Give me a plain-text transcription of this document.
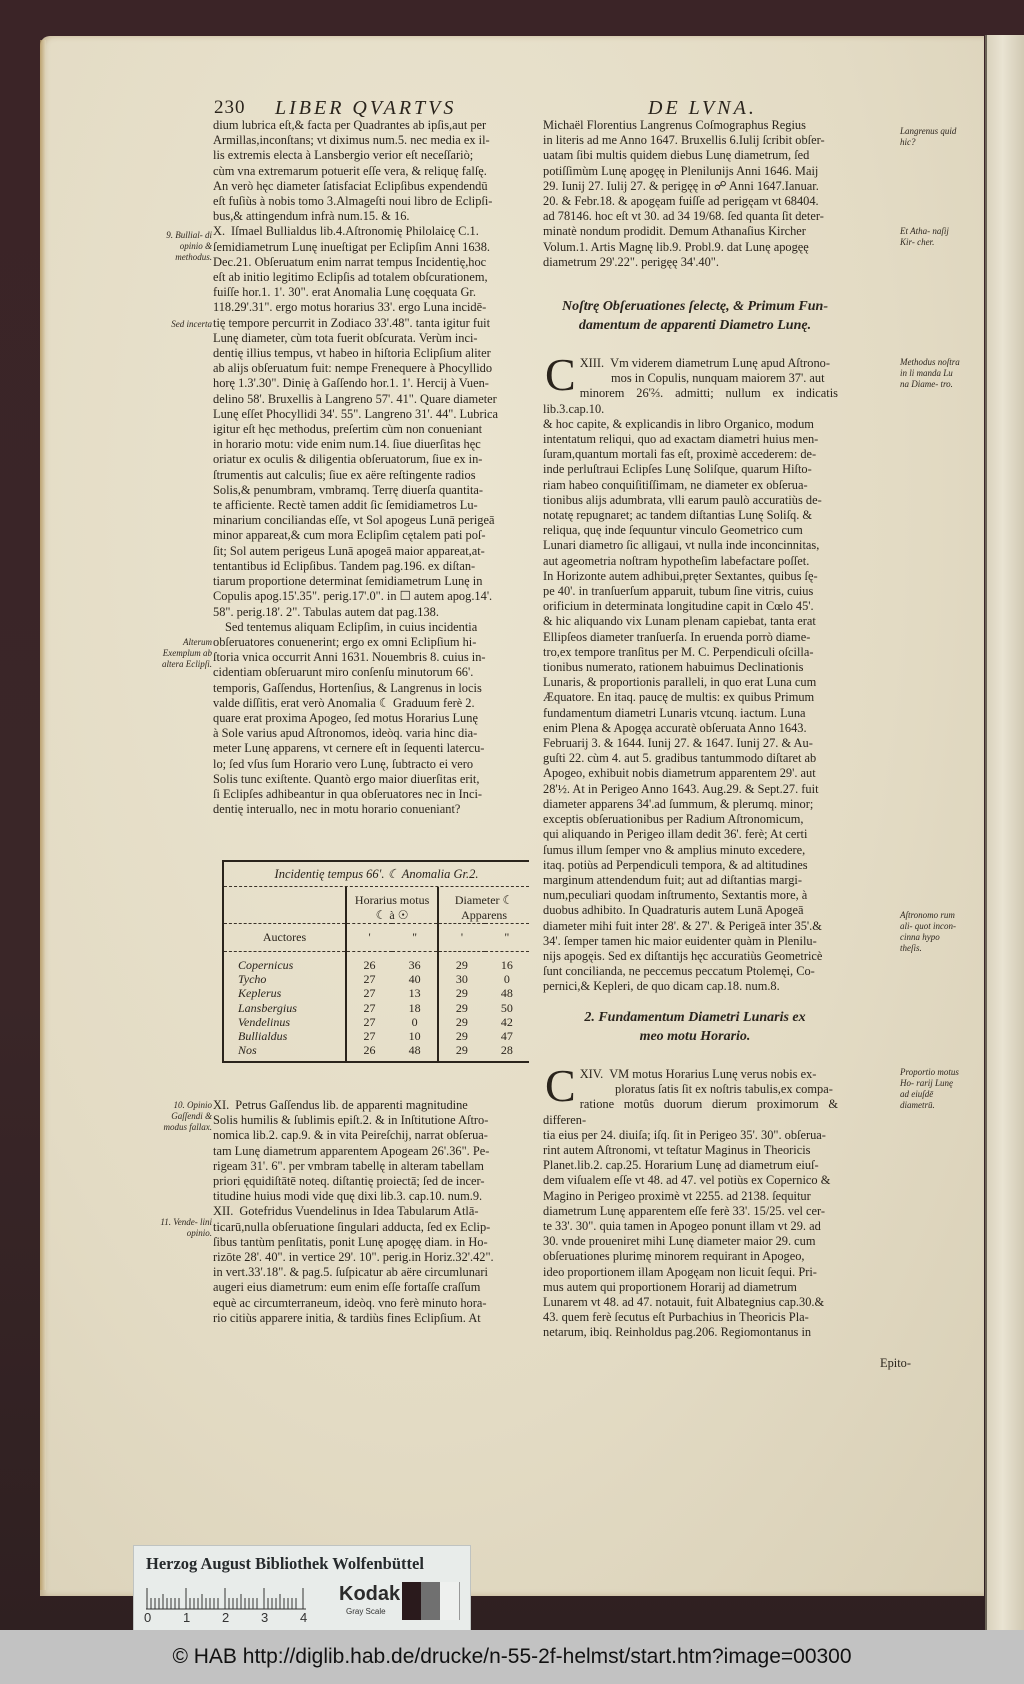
230 LIBER QVARTVS	DE LVNA.

dium lubrica eſt,& facta per Quadrantes ab ipſis,aut per

Armillas,inconſtans; vt diximus num.5. nec media ex il-

lis extremis electa à Lansbergio verior eſt neceſſariò;

cùm vna extremarum potuerit eſſe vera, & reliquę falſę.

An verò hęc diameter ſatisfaciat Eclipſibus expendendū

eſt fuſiùs à nobis tomo 3.Almageſti noui libro de Eclipſi-

bus,& attingendum infrà num.15. & 16.

X. Iſmael Bullialdus lib.4.Aſtronomię Philolaicę C.1.

ſemidiametrum Lunę inueſtigat per Eclipſim Anni 1638.

Dec.21. Obſeruatum enim narrat tempus Incidentię,hoc

eſt ab initio legitimo Eclipſis ad totalem obſcurationem,

fuiſſe hor.1. 1'. 30". erat Anomalia Lunę coęquata Gr.

118.29'.31". ergo motus horarius 33'. ergo Luna incidē-

tię tempore percurrit in Zodiaco 33'.48". tanta igitur fuit

Lunę diameter, cùm tota fuerit obſcurata. Verùm inci-

dentię illius tempus, vt habeo in hiſtoria Eclipſium aliter

ab alijs obſeruatum fuit: nempe Frenequere à Phocyllido

horę 1.3'.30". Dinię à Gaſſendo hor.1. 1'. Hercij à Vuen-

delino 58'. Bruxellis à Langreno 57'. 41". Quare diameter

Lunę eſſet Phocyllidi 34'. 55". Langreno 31'. 44". Lubrica

igitur eſt hęc methodus, preſertim cùm non conueniant

in horario motu: vide enim num.14. ſiue diuerſitas hęc

oriatur ex oculis & diligentia obſeruatorum, ſiue ex in-

ſtrumentis aut calculis; ſiue ex aëre reſtingente radios

Solis,& penumbram, vmbramq. Terrę diuerſa quantita-

te afficiente. Rectè tamen addit ſic ſemidiametros Lu-

minarium conciliandas eſſe, vt Sol apogeus Lunā perigeā

minor appareat,& cum mora Eclipſim cętalem pati poſ-

ſit; Sol autem perigeus Lunā apogeā maior appareat,at-

tentantibus id Eclipſibus. Tandem pag.196. ex diſtan-

tiarum proportione determinat ſemidiametrum Lunę in

Copulis apog.15'.35". perig.17'.0". in ☐ autem apog.14'.

58". perig.18'. 2". Tabulas autem dat pag.138.

Sed tentemus aliquam Eclipſim, in cuius incidentia

obſeruatores conuenerint; ergo ex omni Eclipſium hi-

ſtoria vnica occurrit Anni 1631. Nouembris 8. cuius in-

cidentiam obſeruarunt miro conſenſu minutorum 66'.

temporis, Gaſſendus, Hortenſius, & Langrenus in locis

valde diſſitis, erat verò Anomalia ☾ Graduum ferè 2.

quare erat proxima Apogeo, ſed motus Horarius Lunę

à Sole varius apud Aſtronomos, ideòq. varia hinc dia-

meter Lunę apparens, vt cernere eſt in ſequenti latercu-

lo; ſed vſus ſum Horario vero Lunę, ſubtracto ei vero

Solis tunc exiſtente. Quantò ergo maior diuerſitas erit,

ſi Eclipſes adhibeantur in qua obſeruatores nec in Inci-

dentię interuallo, nec in motu horario conueniant?

Incidentię tempus 66'. ☾ Anomalia Gr.2.
	Horarius motus ☾ à ☉		Diameter ☾ Apparens	
Auctores	'	''	'	''
Copernicus	26	36	29	16
Tycho	27	40	30	0
Keplerus	27	13	29	48
Lansbergius	27	18	29	50
Vendelinus	27	0	29	42
Bullialdus	27	10	29	47
Nos	26	48	29	28

XI. Petrus Gaſſendus lib. de apparenti magnitudine

Solis humilis & ſublimis epiſt.2. & in Inſtitutione Aſtro-

nomica lib.2. cap.9. & in vita Peireſchij, narrat obſerua-

tam Lunę diametrum apparentem Apogeam 26'.36". Pe-

rigeam 31'. 6". per vmbram tabellę in alteram tabellam

priori ęquidiſtātē noteq. diſtantię proiectā; ſed de incer-

titudine huius modi vide quę dixi lib.3. cap.10. num.9.

XII. Gotefridus Vuendelinus in Idea Tabularum Atlā-

ticarū,nulla obſeruatione ſingulari adducta, ſed ex Eclip-

ſibus tantùm penſitatis, ponit Lunę apogęę diam. in Ho-

rizōte 28'. 40". in vertice 29'. 10". perig.in Horiz.32'.42".

in vert.33'.18". & pag.5. ſuſpicatur ab aëre circumlunari

augeri eius diametrum: eum enim eſſe fortaſſe craſſum

equè ac circumterraneum, ideòq. vno ferè minuto hora-

rio citiùs apparere initia, & tardiùs fines Eclipſium. At

9. Bullial- di opinio & methodus.
Sed incerta
Alterum Exemplum ab altera Eclipſi.
10. Opinio Gaſſendi & modus fallax.
11. Vende- lini opinio.

Michaël Florentius Langrenus Coſmographus Regius

in literis ad me Anno 1647. Bruxellis 6.Iulij ſcribit obſer-

uatam ſibi multis quidem diebus Lunę diametrum, ſed

potiſſimùm Lunę apogęę in Plenilunijs Anni 1646. Maij

29. Iunij 27. Iulij 27. & perigęę in ☍ Anni 1647.Ianuar.

20. & Febr.18. & apogęam fuiſſe ad perigęam vt 68404.

ad 78146. hoc eſt vt 30. ad 34 19/68. ſed quanta ſit deter-

minatè nondum prodidit. Demum Athanaſius Kircher

Volum.1. Artis Magnę lib.9. Probl.9. dat Lunę apogęę

diametrum 29'.22". perigęę 34'.40".

Noſtrę Obſeruationes ſelectę, & Primum Fun-
damentum de apparenti Diametro Lunę.

XIII.
C	Vm viderem diametrum Lunę apud Aſtrono-

mos in Copulis, nunquam maiorem 37'. aut

minorem 26'⅔. admitti; nullum ex indicatis lib.3.cap.10.

& hoc capite, & explicandis in libro Organico, modum

intentatum reliqui, quo ad exactam diametri huius men-

ſuram,quantum mortali fas eſt, proximè accederem: de-

inde perluſtraui Eclipſes Lunę Soliſque, quarum Hiſto-

riam habeo conquiſitiſſimam, ne diameter ex obſerua-

tionibus alijs adumbrata, vlli earum paulò accuratiùs de-

notatę repugnaret; ac tandem diſtantias Lunę Soliſq. &

reliqua, quę inde ſequuntur vinculo Geometrico cum

Lunari diametro ſic alligaui, vt nulla inde inconcinnitas,

aut ageometria noſtram hypotheſim labefactare poſſet.

In Horizonte autem adhibui,pręter Sextantes, quibus ſę-

pe 40'. in tranſuerſum apparuit, tubum ſine vitris, cuius

orificium in determinata longitudine capit in Cœlo 45'.

& hic aliquando vix Lunam plenam capiebat, tanta erat

Ellipſeos diameter tranſuerſa. In eruenda porrò diame-

tro,ex tempore tranſitus per M. C. Perpendiculi oſcilla-

tionibus numerato, rationem habuimus Declinationis

Lunaris, & proportionis paralleli, in quo erat Luna cum

Æquatore. En itaq. paucę de multis: ex quibus Primum

fundamentum diametri Lunaris vtcunq. iactum. Luna

enim Plena & Apogęa accuratè obſeruata Anno 1643.

Februarij 3. & 1644. Iunij 27. & 1647. Iunij 27. & Au-

guſti 22. cùm 4. aut 5. gradibus tantummodo diſtaret ab

Apogeo, exhibuit nobis diametrum apparentem 29'. aut

28'½. At in Perigeo Anno 1643. Aug.29. & Sept.27. fuit

diameter apparens 34'.ad ſummum, & plerumq. minor;

exceptis obſeruationibus per Radium Aſtronomicum,

qui aliquando in Perigeo illam dedit 36'. ferè; At certi

ſumus illum ſemper vno & amplius minuto excedere,

itaq. potiùs ad Perpendiculi tempora, & ad altitudines

marginum attendendum fuit; aut ad diſtantias margi-

num,peculiari quodam inſtrumento, Sextantis more, à

duobus adhibito. In Quadraturis autem Lunā Apogeā

diameter mihi fuit inter 28'. & 27'. & Perigeā inter 35'.&

34'. ſemper tamen hic maior euidenter quàm in Plenilu-

nijs apogęis. Sed ex diſtantijs hęc accuratiùs Geometricè

ſunt concilianda, ne peccemus peccatum Ptolemęi, Co-

pernici,& Kepleri, de quo dicam cap.18. num.8.

2. Fundamentum Diametri Lunaris ex
meo motu Horario.

XIV.
C	VM motus Horarius Lunę verus nobis ex-

ploratus ſatis ſit ex noſtris tabulis,ex compa-

ratione motûs duorum dierum proximorum & differen-

tia eius per 24. diuiſa; iſq. ſit in Perigeo 35'. 30". obſerua-

rint autem Aſtronomi, vt teſtatur Maginus in Theoricis

Planet.lib.2. cap.25. Horarium Lunę ad diametrum eiuſ-

dem viſualem eſſe vt 48. ad 47. vel potiùs ex Copernico &

Magino in Perigeo proximè vt 2255. ad 2138. ſequitur

diametrum Lunę apparentem eſſe ferè 33'. 15/25. vel cer-

te 33'. 30". quia tamen in Apogeo ponunt illam vt 29. ad

30. vnde proueniret mihi Lunę diameter maior 29. cum

obſeruationes plurimę minorem requirant in Apogeo,

ideo proportionem illam Apogęam non licuit ſequi. Pri-

mus autem qui proportionem Horarij ad diametrum

Lunarem vt 48. ad 47. notauit, fuit Albategnius cap.30.&

43. quem ferè ſecutus eſt Purbachius in Theoricis Pla-

netarum, ibiq. Reinholdus pag.206. Regiomontanus in

Epito-
Langrenus quid hic?
Et Atha- naſij Kir- cher.
Methodus noſtra in li manda Lu na Diame- tro.
Aſtronomo rum ali- quot incon- cinna hypo theſis.
Proportio motus Ho- rarij Lunę ad eiuſdē diametrū.
Herzog August Bibliothek Wolfenbüttel
0 1 2 3 4
Kodak
Gray Scale
© HAB http://diglib.hab.de/drucke/n-55-2f-helmst/start.htm?image=00300
